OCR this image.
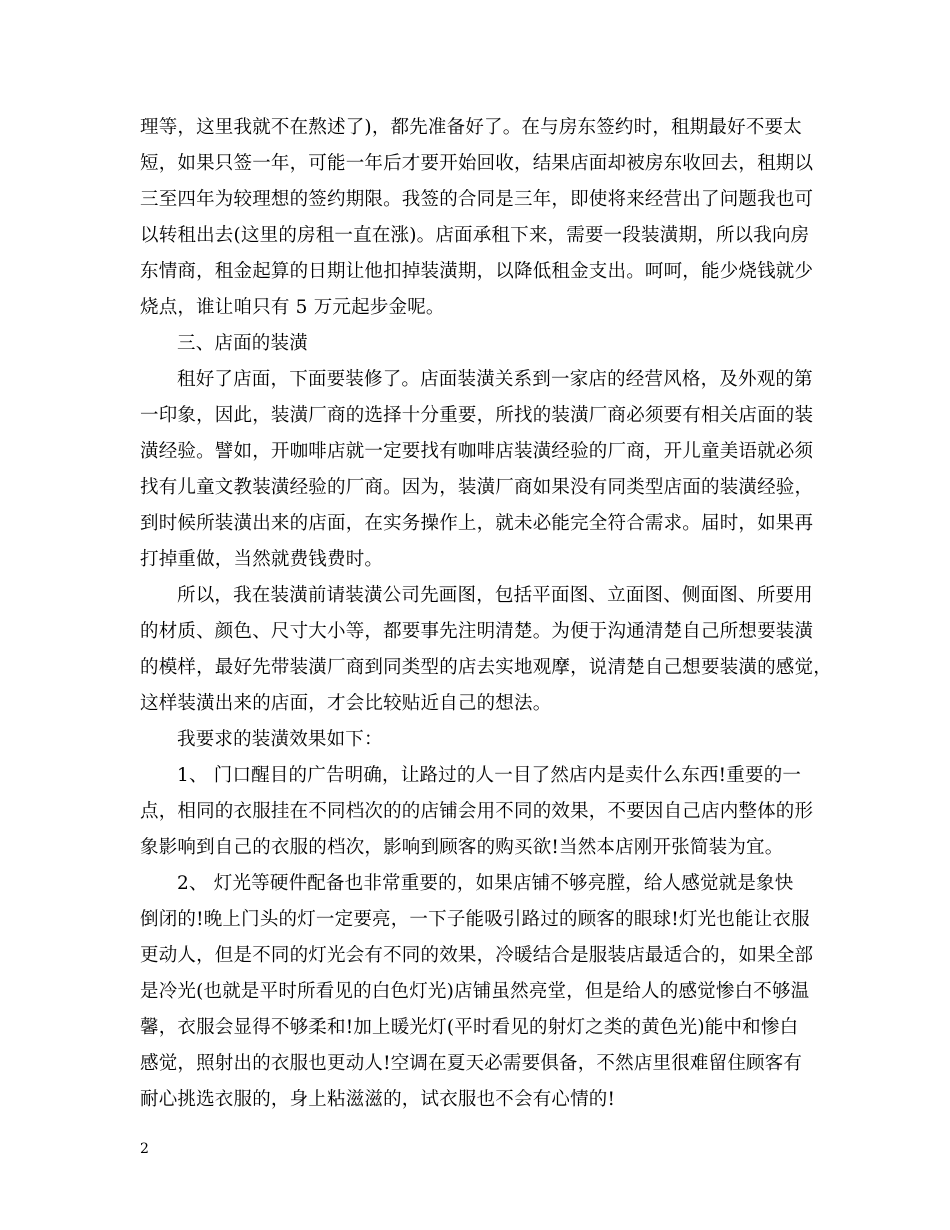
理等，这里我就不在熬述了)，都先准备好了。在与房东签约时，租期最好不要太
短，如果只签一年，可能一年后才要开始回收，结果店面却被房东收回去，租期以
三至四年为较理想的签约期限。我签的合同是三年，即使将来经营出了问题我也可
以转租出去(这里的房租一直在涨)。店面承租下来，需要一段装潢期，所以我向房
东情商，租金起算的日期让他扣掉装潢期，以降低租金支出。呵呵，能少烧钱就少
烧点，谁让咱只有 5 万元起步金呢。
三、店面的装潢
租好了店面，下面要装修了。店面装潢关系到一家店的经营风格，及外观的第
一印象，因此，装潢厂商的选择十分重要，所找的装潢厂商必须要有相关店面的装
潢经验。譬如，开咖啡店就一定要找有咖啡店装潢经验的厂商，开儿童美语就必须
找有儿童文教装潢经验的厂商。因为，装潢厂商如果没有同类型店面的装潢经验，
到时候所装潢出来的店面，在实务操作上，就未必能完全符合需求。届时，如果再
打掉重做，当然就费钱费时。
所以，我在装潢前请装潢公司先画图，包括平面图、立面图、侧面图、所要用
的材质、颜色、尺寸大小等，都要事先注明清楚。为便于沟通清楚自己所想要装潢
的模样，最好先带装潢厂商到同类型的店去实地观摩，说清楚自己想要装潢的感觉，
这样装潢出来的店面，才会比较贴近自己的想法。
我要求的装潢效果如下：
1、 门口醒目的广告明确，让路过的人一目了然店内是卖什么东西!重要的一
点，相同的衣服挂在不同档次的的店铺会用不同的效果，不要因自己店内整体的形
象影响到自己的衣服的档次，影响到顾客的购买欲!当然本店刚开张简装为宜。
2、 灯光等硬件配备也非常重要的，如果店铺不够亮膛，给人感觉就是象快
倒闭的!晚上门头的灯一定要亮，一下子能吸引路过的顾客的眼球!灯光也能让衣服
更动人，但是不同的灯光会有不同的效果，冷暖结合是服装店最适合的，如果全部
是冷光(也就是平时所看见的白色灯光)店铺虽然亮堂，但是给人的感觉惨白不够温
馨，衣服会显得不够柔和!加上暖光灯(平时看见的射灯之类的黄色光)能中和惨白
感觉，照射出的衣服也更动人!空调在夏天必需要俱备，不然店里很难留住顾客有
耐心挑选衣服的，身上粘滋滋的，试衣服也不会有心情的!
2
